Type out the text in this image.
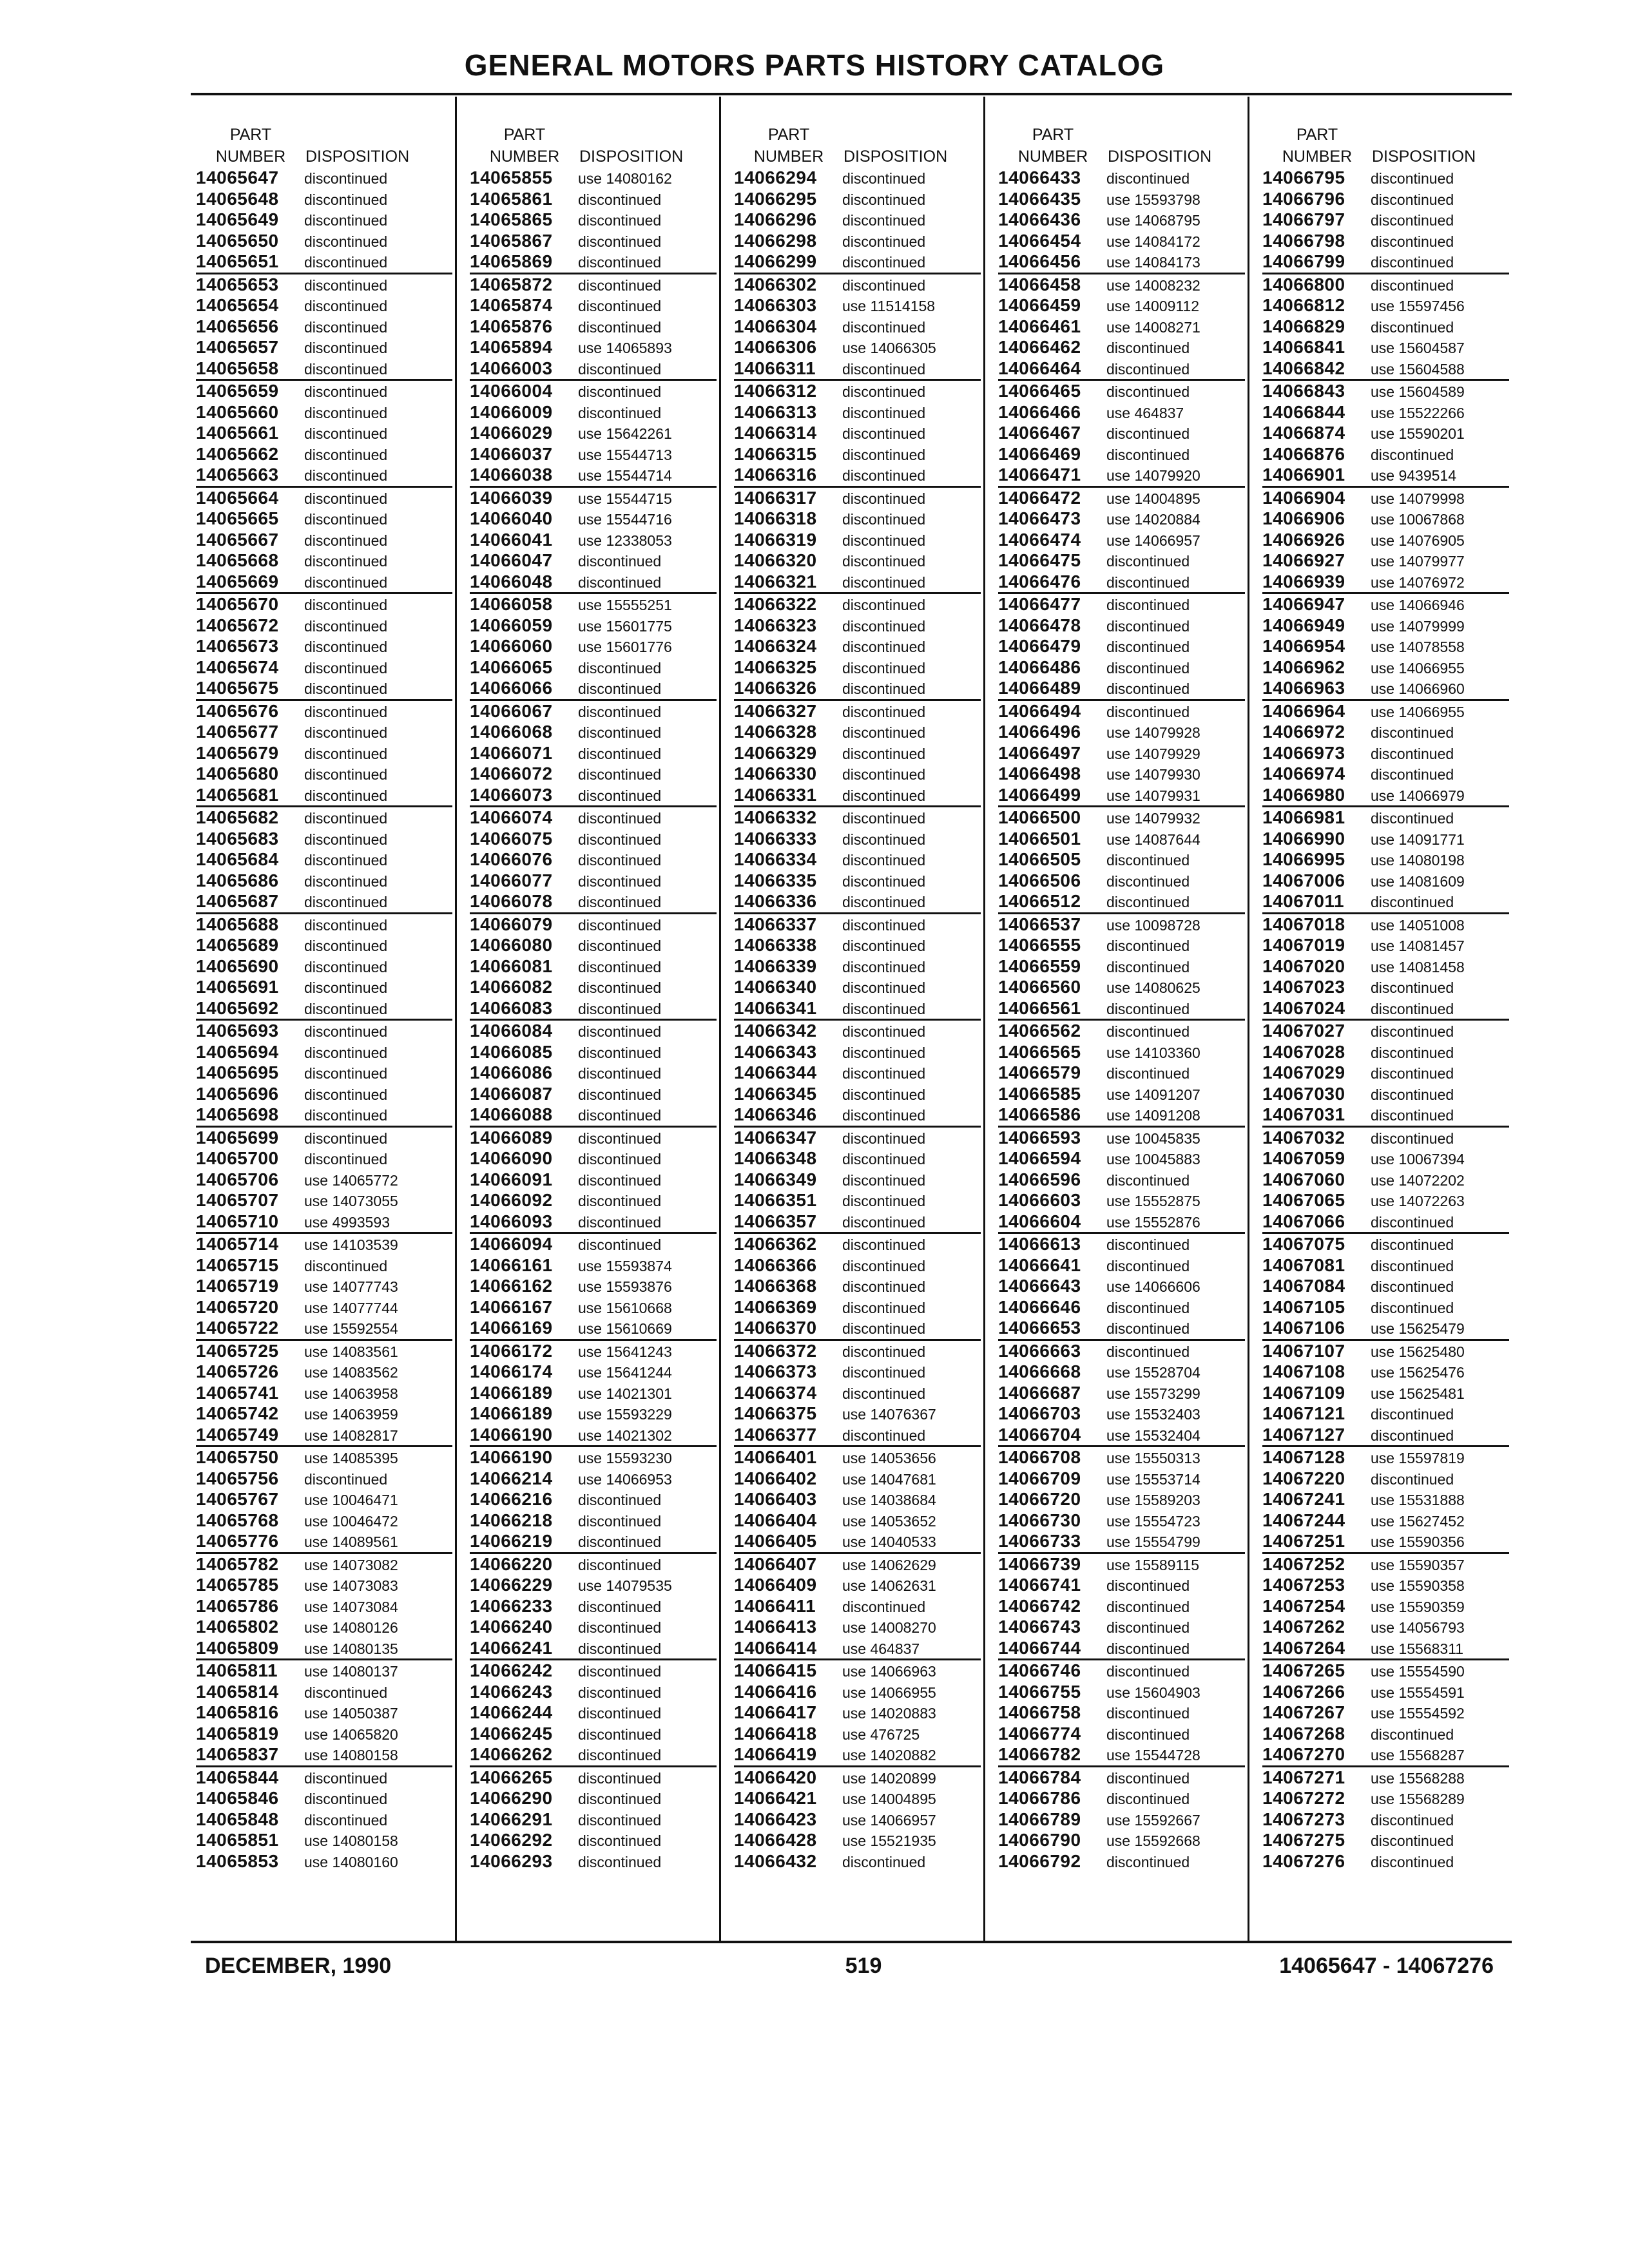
GENERAL MOTORS PARTS HISTORY CATALOG
PART
NUMBER	DISPOSITION
14065647	discontinued
14065648	discontinued
14065649	discontinued
14065650	discontinued
14065651	discontinued
14065653	discontinued
14065654	discontinued
14065656	discontinued
14065657	discontinued
14065658	discontinued
14065659	discontinued
14065660	discontinued
14065661	discontinued
14065662	discontinued
14065663	discontinued
14065664	discontinued
14065665	discontinued
14065667	discontinued
14065668	discontinued
14065669	discontinued
14065670	discontinued
14065672	discontinued
14065673	discontinued
14065674	discontinued
14065675	discontinued
14065676	discontinued
14065677	discontinued
14065679	discontinued
14065680	discontinued
14065681	discontinued
14065682	discontinued
14065683	discontinued
14065684	discontinued
14065686	discontinued
14065687	discontinued
14065688	discontinued
14065689	discontinued
14065690	discontinued
14065691	discontinued
14065692	discontinued
14065693	discontinued
14065694	discontinued
14065695	discontinued
14065696	discontinued
14065698	discontinued
14065699	discontinued
14065700	discontinued
14065706	use 14065772
14065707	use 14073055
14065710	use 4993593
14065714	use 14103539
14065715	discontinued
14065719	use 14077743
14065720	use 14077744
14065722	use 15592554
14065725	use 14083561
14065726	use 14083562
14065741	use 14063958
14065742	use 14063959
14065749	use 14082817
14065750	use 14085395
14065756	discontinued
14065767	use 10046471
14065768	use 10046472
14065776	use 14089561
14065782	use 14073082
14065785	use 14073083
14065786	use 14073084
14065802	use 14080126
14065809	use 14080135
14065811	use 14080137
14065814	discontinued
14065816	use 14050387
14065819	use 14065820
14065837	use 14080158
14065844	discontinued
14065846	discontinued
14065848	discontinued
14065851	use 14080158
14065853	use 14080160
PART
NUMBER	DISPOSITION
14065855	use 14080162
14065861	discontinued
14065865	discontinued
14065867	discontinued
14065869	discontinued
14065872	discontinued
14065874	discontinued
14065876	discontinued
14065894	use 14065893
14066003	discontinued
14066004	discontinued
14066009	discontinued
14066029	use 15642261
14066037	use 15544713
14066038	use 15544714
14066039	use 15544715
14066040	use 15544716
14066041	use 12338053
14066047	discontinued
14066048	discontinued
14066058	use 15555251
14066059	use 15601775
14066060	use 15601776
14066065	discontinued
14066066	discontinued
14066067	discontinued
14066068	discontinued
14066071	discontinued
14066072	discontinued
14066073	discontinued
14066074	discontinued
14066075	discontinued
14066076	discontinued
14066077	discontinued
14066078	discontinued
14066079	discontinued
14066080	discontinued
14066081	discontinued
14066082	discontinued
14066083	discontinued
14066084	discontinued
14066085	discontinued
14066086	discontinued
14066087	discontinued
14066088	discontinued
14066089	discontinued
14066090	discontinued
14066091	discontinued
14066092	discontinued
14066093	discontinued
14066094	discontinued
14066161	use 15593874
14066162	use 15593876
14066167	use 15610668
14066169	use 15610669
14066172	use 15641243
14066174	use 15641244
14066189	use 14021301
14066189	use 15593229
14066190	use 14021302
14066190	use 15593230
14066214	use 14066953
14066216	discontinued
14066218	discontinued
14066219	discontinued
14066220	discontinued
14066229	use 14079535
14066233	discontinued
14066240	discontinued
14066241	discontinued
14066242	discontinued
14066243	discontinued
14066244	discontinued
14066245	discontinued
14066262	discontinued
14066265	discontinued
14066290	discontinued
14066291	discontinued
14066292	discontinued
14066293	discontinued
PART
NUMBER	DISPOSITION
14066294	discontinued
14066295	discontinued
14066296	discontinued
14066298	discontinued
14066299	discontinued
14066302	discontinued
14066303	use 11514158
14066304	discontinued
14066306	use 14066305
14066311	discontinued
14066312	discontinued
14066313	discontinued
14066314	discontinued
14066315	discontinued
14066316	discontinued
14066317	discontinued
14066318	discontinued
14066319	discontinued
14066320	discontinued
14066321	discontinued
14066322	discontinued
14066323	discontinued
14066324	discontinued
14066325	discontinued
14066326	discontinued
14066327	discontinued
14066328	discontinued
14066329	discontinued
14066330	discontinued
14066331	discontinued
14066332	discontinued
14066333	discontinued
14066334	discontinued
14066335	discontinued
14066336	discontinued
14066337	discontinued
14066338	discontinued
14066339	discontinued
14066340	discontinued
14066341	discontinued
14066342	discontinued
14066343	discontinued
14066344	discontinued
14066345	discontinued
14066346	discontinued
14066347	discontinued
14066348	discontinued
14066349	discontinued
14066351	discontinued
14066357	discontinued
14066362	discontinued
14066366	discontinued
14066368	discontinued
14066369	discontinued
14066370	discontinued
14066372	discontinued
14066373	discontinued
14066374	discontinued
14066375	use 14076367
14066377	discontinued
14066401	use 14053656
14066402	use 14047681
14066403	use 14038684
14066404	use 14053652
14066405	use 14040533
14066407	use 14062629
14066409	use 14062631
14066411	discontinued
14066413	use 14008270
14066414	use 464837
14066415	use 14066963
14066416	use 14066955
14066417	use 14020883
14066418	use 476725
14066419	use 14020882
14066420	use 14020899
14066421	use 14004895
14066423	use 14066957
14066428	use 15521935
14066432	discontinued
PART
NUMBER	DISPOSITION
14066433	discontinued
14066435	use 15593798
14066436	use 14068795
14066454	use 14084172
14066456	use 14084173
14066458	use 14008232
14066459	use 14009112
14066461	use 14008271
14066462	discontinued
14066464	discontinued
14066465	discontinued
14066466	use 464837
14066467	discontinued
14066469	discontinued
14066471	use 14079920
14066472	use 14004895
14066473	use 14020884
14066474	use 14066957
14066475	discontinued
14066476	discontinued
14066477	discontinued
14066478	discontinued
14066479	discontinued
14066486	discontinued
14066489	discontinued
14066494	discontinued
14066496	use 14079928
14066497	use 14079929
14066498	use 14079930
14066499	use 14079931
14066500	use 14079932
14066501	use 14087644
14066505	discontinued
14066506	discontinued
14066512	discontinued
14066537	use 10098728
14066555	discontinued
14066559	discontinued
14066560	use 14080625
14066561	discontinued
14066562	discontinued
14066565	use 14103360
14066579	discontinued
14066585	use 14091207
14066586	use 14091208
14066593	use 10045835
14066594	use 10045883
14066596	discontinued
14066603	use 15552875
14066604	use 15552876
14066613	discontinued
14066641	discontinued
14066643	use 14066606
14066646	discontinued
14066653	discontinued
14066663	discontinued
14066668	use 15528704
14066687	use 15573299
14066703	use 15532403
14066704	use 15532404
14066708	use 15550313
14066709	use 15553714
14066720	use 15589203
14066730	use 15554723
14066733	use 15554799
14066739	use 15589115
14066741	discontinued
14066742	discontinued
14066743	discontinued
14066744	discontinued
14066746	discontinued
14066755	use 15604903
14066758	discontinued
14066774	discontinued
14066782	use 15544728
14066784	discontinued
14066786	discontinued
14066789	use 15592667
14066790	use 15592668
14066792	discontinued
PART
NUMBER	DISPOSITION
14066795	discontinued
14066796	discontinued
14066797	discontinued
14066798	discontinued
14066799	discontinued
14066800	discontinued
14066812	use 15597456
14066829	discontinued
14066841	use 15604587
14066842	use 15604588
14066843	use 15604589
14066844	use 15522266
14066874	use 15590201
14066876	discontinued
14066901	use 9439514
14066904	use 14079998
14066906	use 10067868
14066926	use 14076905
14066927	use 14079977
14066939	use 14076972
14066947	use 14066946
14066949	use 14079999
14066954	use 14078558
14066962	use 14066955
14066963	use 14066960
14066964	use 14066955
14066972	discontinued
14066973	discontinued
14066974	discontinued
14066980	use 14066979
14066981	discontinued
14066990	use 14091771
14066995	use 14080198
14067006	use 14081609
14067011	discontinued
14067018	use 14051008
14067019	use 14081457
14067020	use 14081458
14067023	discontinued
14067024	discontinued
14067027	discontinued
14067028	discontinued
14067029	discontinued
14067030	discontinued
14067031	discontinued
14067032	discontinued
14067059	use 10067394
14067060	use 14072202
14067065	use 14072263
14067066	discontinued
14067075	discontinued
14067081	discontinued
14067084	discontinued
14067105	discontinued
14067106	use 15625479
14067107	use 15625480
14067108	use 15625476
14067109	use 15625481
14067121	discontinued
14067127	discontinued
14067128	use 15597819
14067220	discontinued
14067241	use 15531888
14067244	use 15627452
14067251	use 15590356
14067252	use 15590357
14067253	use 15590358
14067254	use 15590359
14067262	use 14056793
14067264	use 15568311
14067265	use 15554590
14067266	use 15554591
14067267	use 15554592
14067268	discontinued
14067270	use 15568287
14067271	use 15568288
14067272	use 15568289
14067273	discontinued
14067275	discontinued
14067276	discontinued
DECEMBER, 1990	519	14065647 - 14067276
